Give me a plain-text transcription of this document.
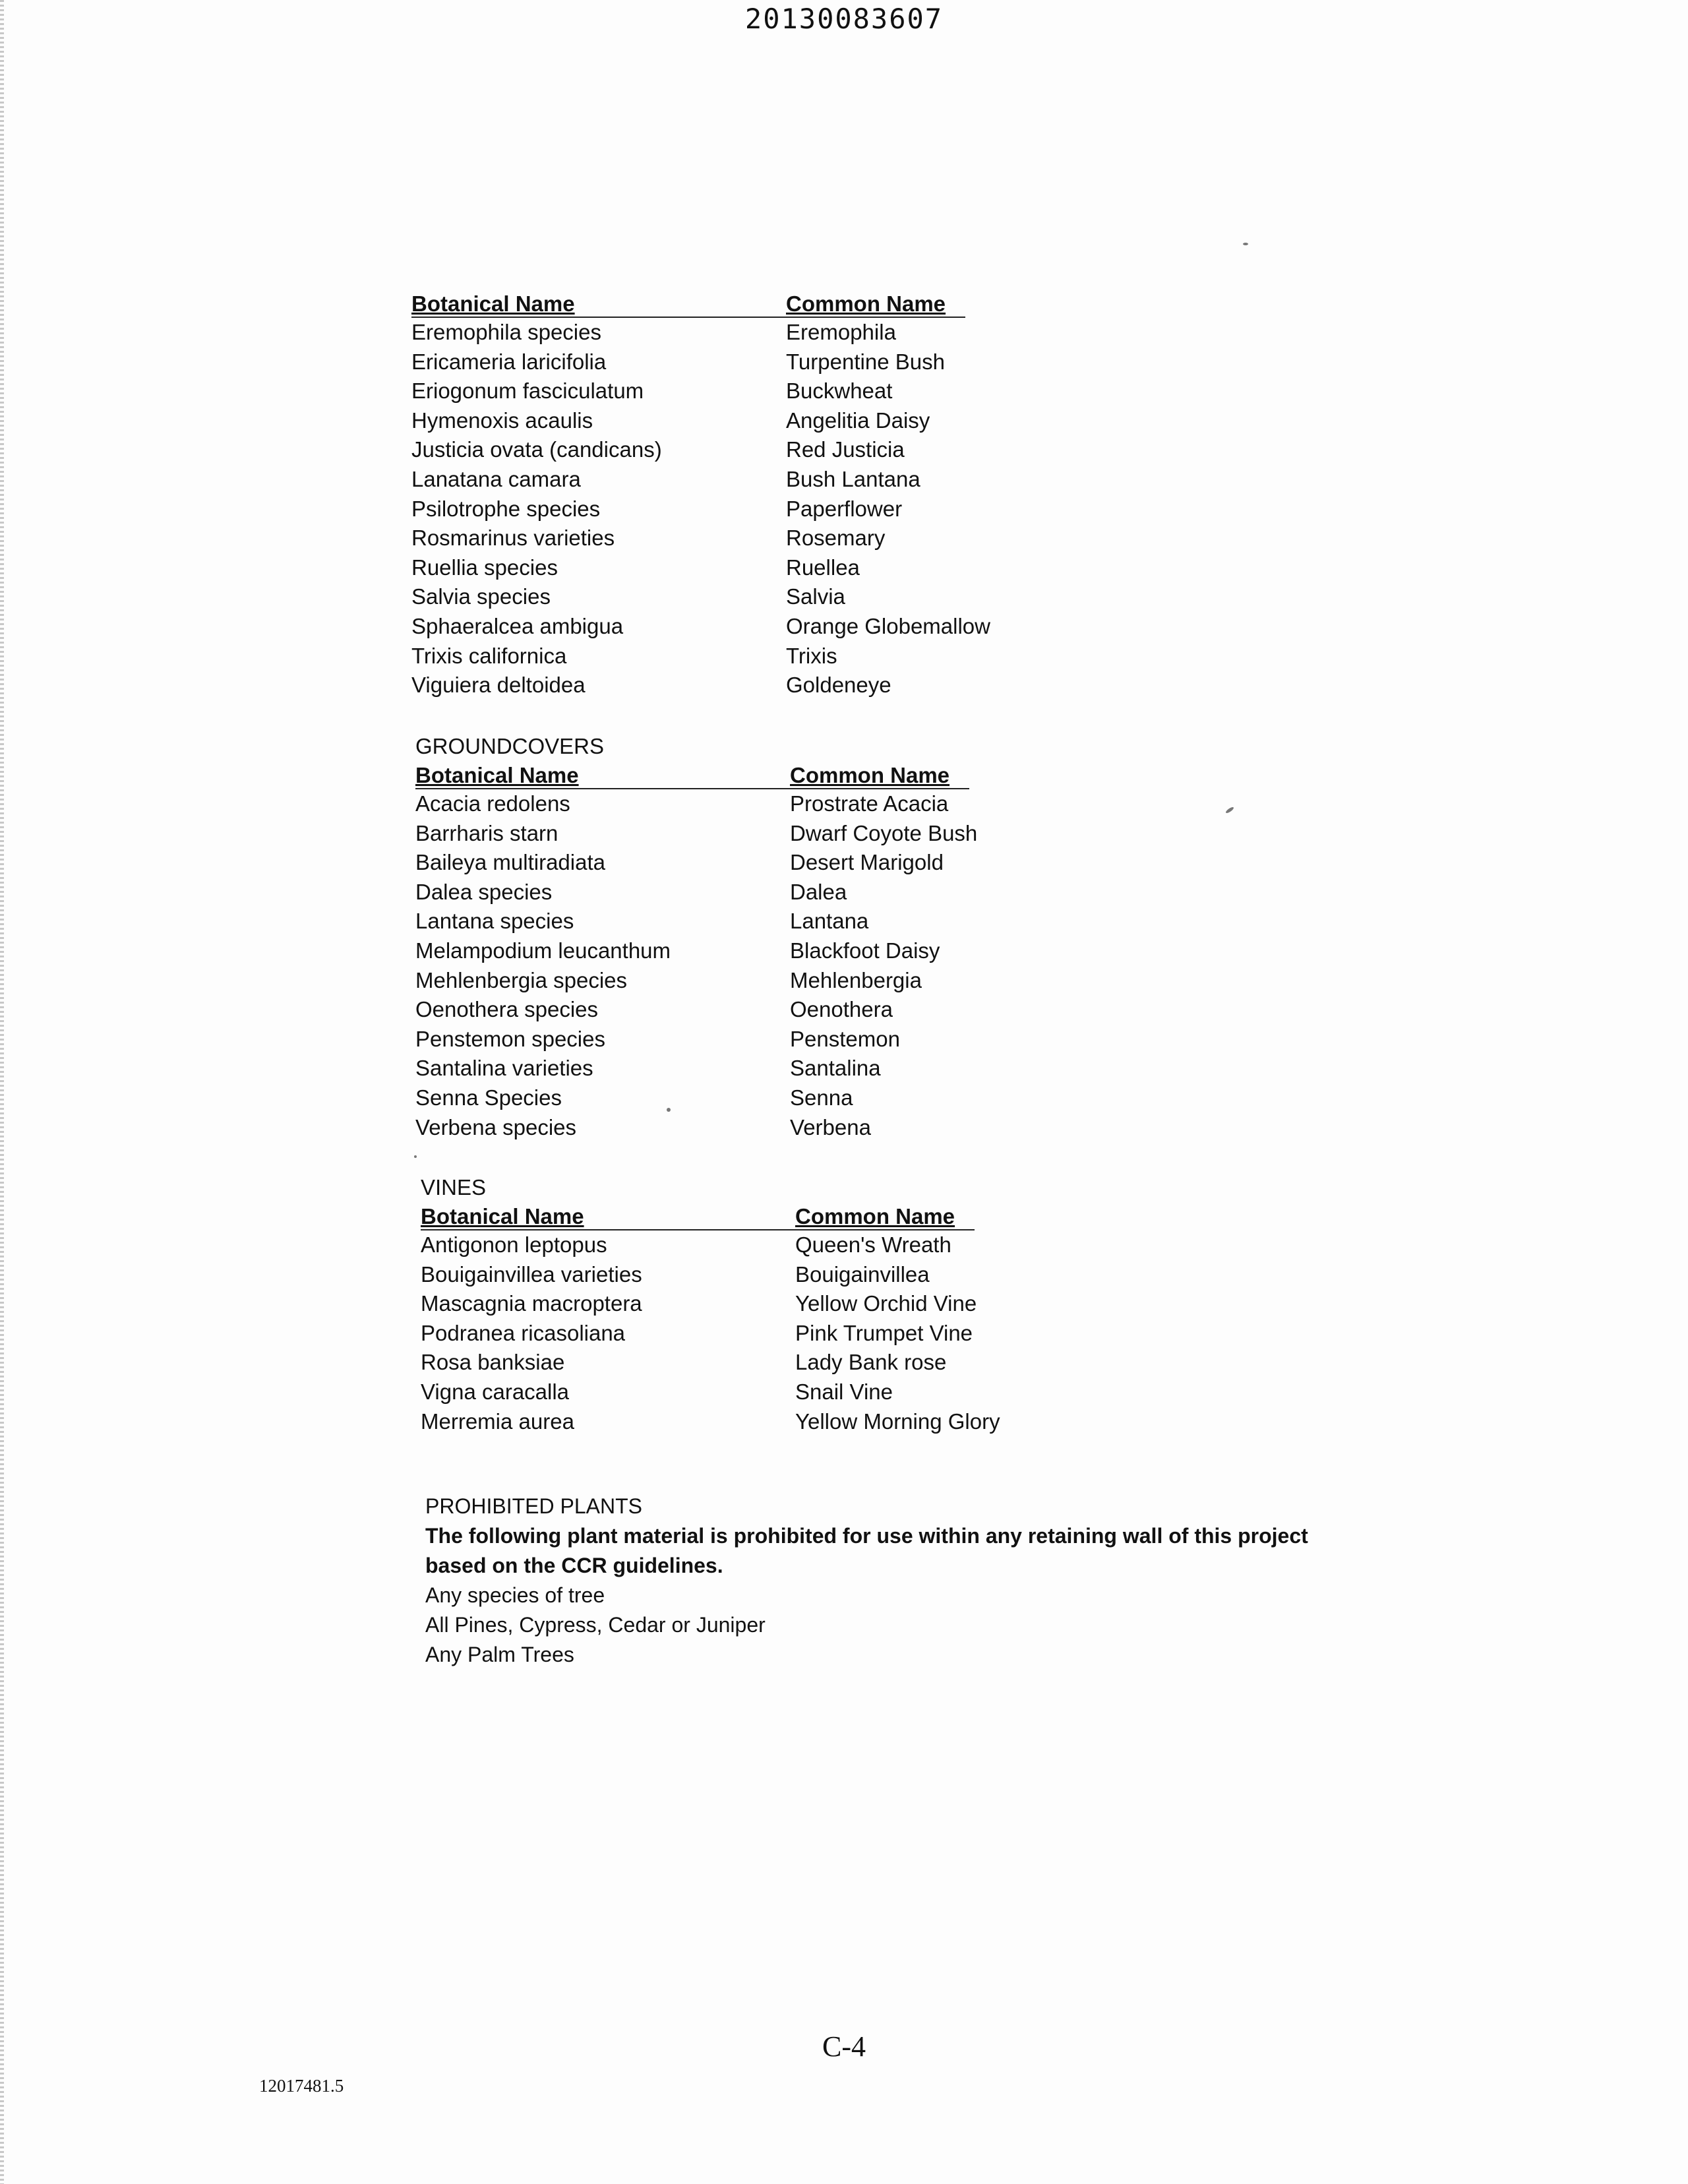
20130083607
Botanical Name	Common Name
Eremophila species	Eremophila
Ericameria laricifolia	Turpentine Bush
Eriogonum fasciculatum	Buckwheat
Hymenoxis acaulis	Angelitia Daisy
Justicia ovata (candicans)	Red Justicia
Lanatana camara	Bush Lantana
Psilotrophe species	Paperflower
Rosmarinus varieties	Rosemary
Ruellia species	Ruellea
Salvia species	Salvia
Sphaeralcea ambigua	Orange Globemallow
Trixis californica	Trixis
Viguiera deltoidea	Goldeneye
GROUNDCOVERS
Botanical Name	Common Name
Acacia redolens	Prostrate Acacia
Barrharis starn	Dwarf Coyote Bush
Baileya multiradiata	Desert Marigold
Dalea species	Dalea
Lantana species	Lantana
Melampodium leucanthum	Blackfoot Daisy
Mehlenbergia species	Mehlenbergia
Oenothera species	Oenothera
Penstemon species	Penstemon
Santalina varieties	Santalina
Senna Species	Senna
Verbena species	Verbena
VINES
Botanical Name	Common Name
Antigonon leptopus	Queen's Wreath
Bouigainvillea varieties	Bouigainvillea
Mascagnia macroptera	Yellow Orchid Vine
Podranea ricasoliana	Pink Trumpet Vine
Rosa banksiae	Lady Bank rose
Vigna caracalla	Snail Vine
Merremia aurea	Yellow Morning Glory
PROHIBITED PLANTS
The following plant material is prohibited for use within any retaining wall of this project
based on the CCR guidelines.
Any species of tree
All Pines, Cypress, Cedar or Juniper
Any Palm Trees
C-4
12017481.5
